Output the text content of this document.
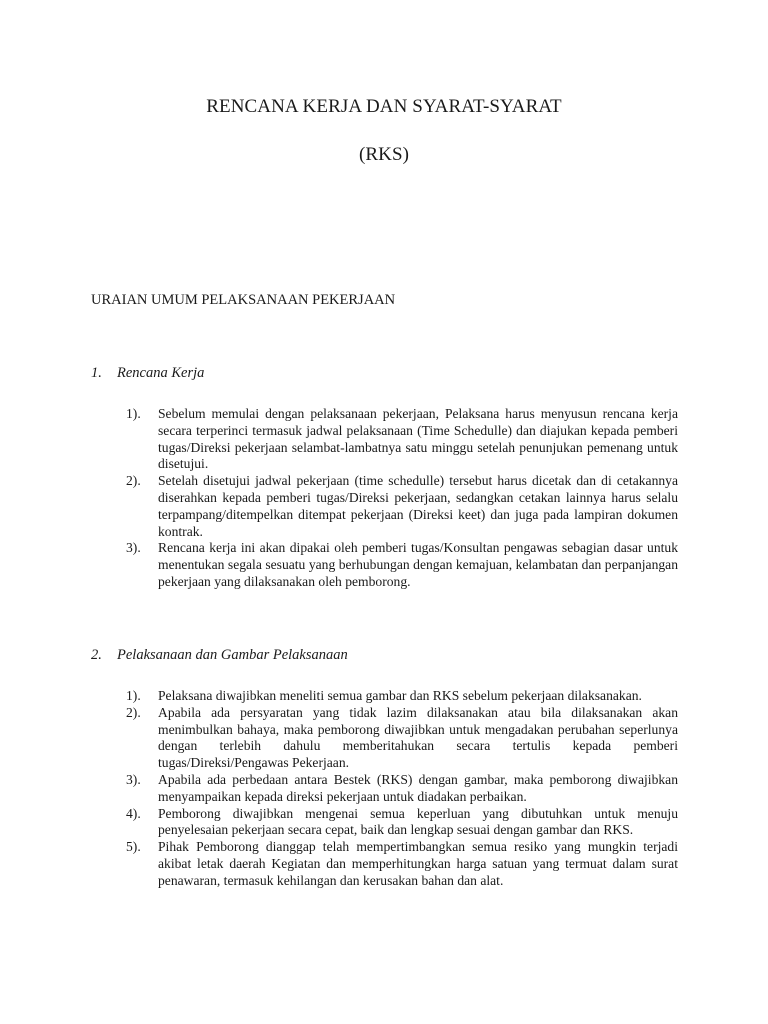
RENCANA KERJA DAN SYARAT-SYARAT
(RKS)
URAIAN UMUM PELAKSANAAN PEKERJAAN
1. Rencana Kerja
1).	Sebelum memulai dengan pelaksanaan pekerjaan, Pelaksana harus menyusun rencana kerja secara terperinci termasuk jadwal pelaksanaan (Time Schedulle) dan diajukan kepada pemberi tugas/Direksi pekerjaan selambat-lambatnya satu minggu setelah penunjukan pemenang untuk disetujui.
2).	Setelah disetujui jadwal pekerjaan (time schedulle) tersebut harus dicetak dan di cetakannya diserahkan kepada pemberi tugas/Direksi pekerjaan, sedangkan cetakan lainnya harus selalu terpampang/ditempelkan ditempat pekerjaan (Direksi keet) dan juga pada lampiran dokumen kontrak.
3).	Rencana kerja ini akan dipakai oleh pemberi tugas/Konsultan pengawas sebagian dasar untuk menentukan segala sesuatu yang berhubungan dengan kemajuan, kelambatan dan perpanjangan pekerjaan yang dilaksanakan oleh pemborong.
2. Pelaksanaan dan Gambar Pelaksanaan
1).	Pelaksana diwajibkan meneliti semua gambar dan RKS sebelum pekerjaan dilaksanakan.
2).	Apabila ada persyaratan yang tidak lazim dilaksanakan atau bila dilaksanakan akan menimbulkan bahaya, maka pemborong diwajibkan untuk mengadakan perubahan seperlunya dengan terlebih dahulu memberitahukan secara tertulis kepada pemberi tugas/Direksi/Pengawas Pekerjaan.
3).	Apabila ada perbedaan antara Bestek (RKS) dengan gambar, maka pemborong diwajibkan menyampaikan kepada direksi pekerjaan untuk diadakan perbaikan.
4).	Pemborong diwajibkan mengenai semua keperluan yang dibutuhkan untuk menuju penyelesaian pekerjaan secara cepat, baik dan lengkap sesuai dengan gambar dan RKS.
5).	Pihak Pemborong dianggap telah mempertimbangkan semua resiko yang mungkin terjadi akibat letak daerah Kegiatan dan memperhitungkan harga satuan yang termuat dalam surat penawaran, termasuk kehilangan dan kerusakan bahan dan alat.
